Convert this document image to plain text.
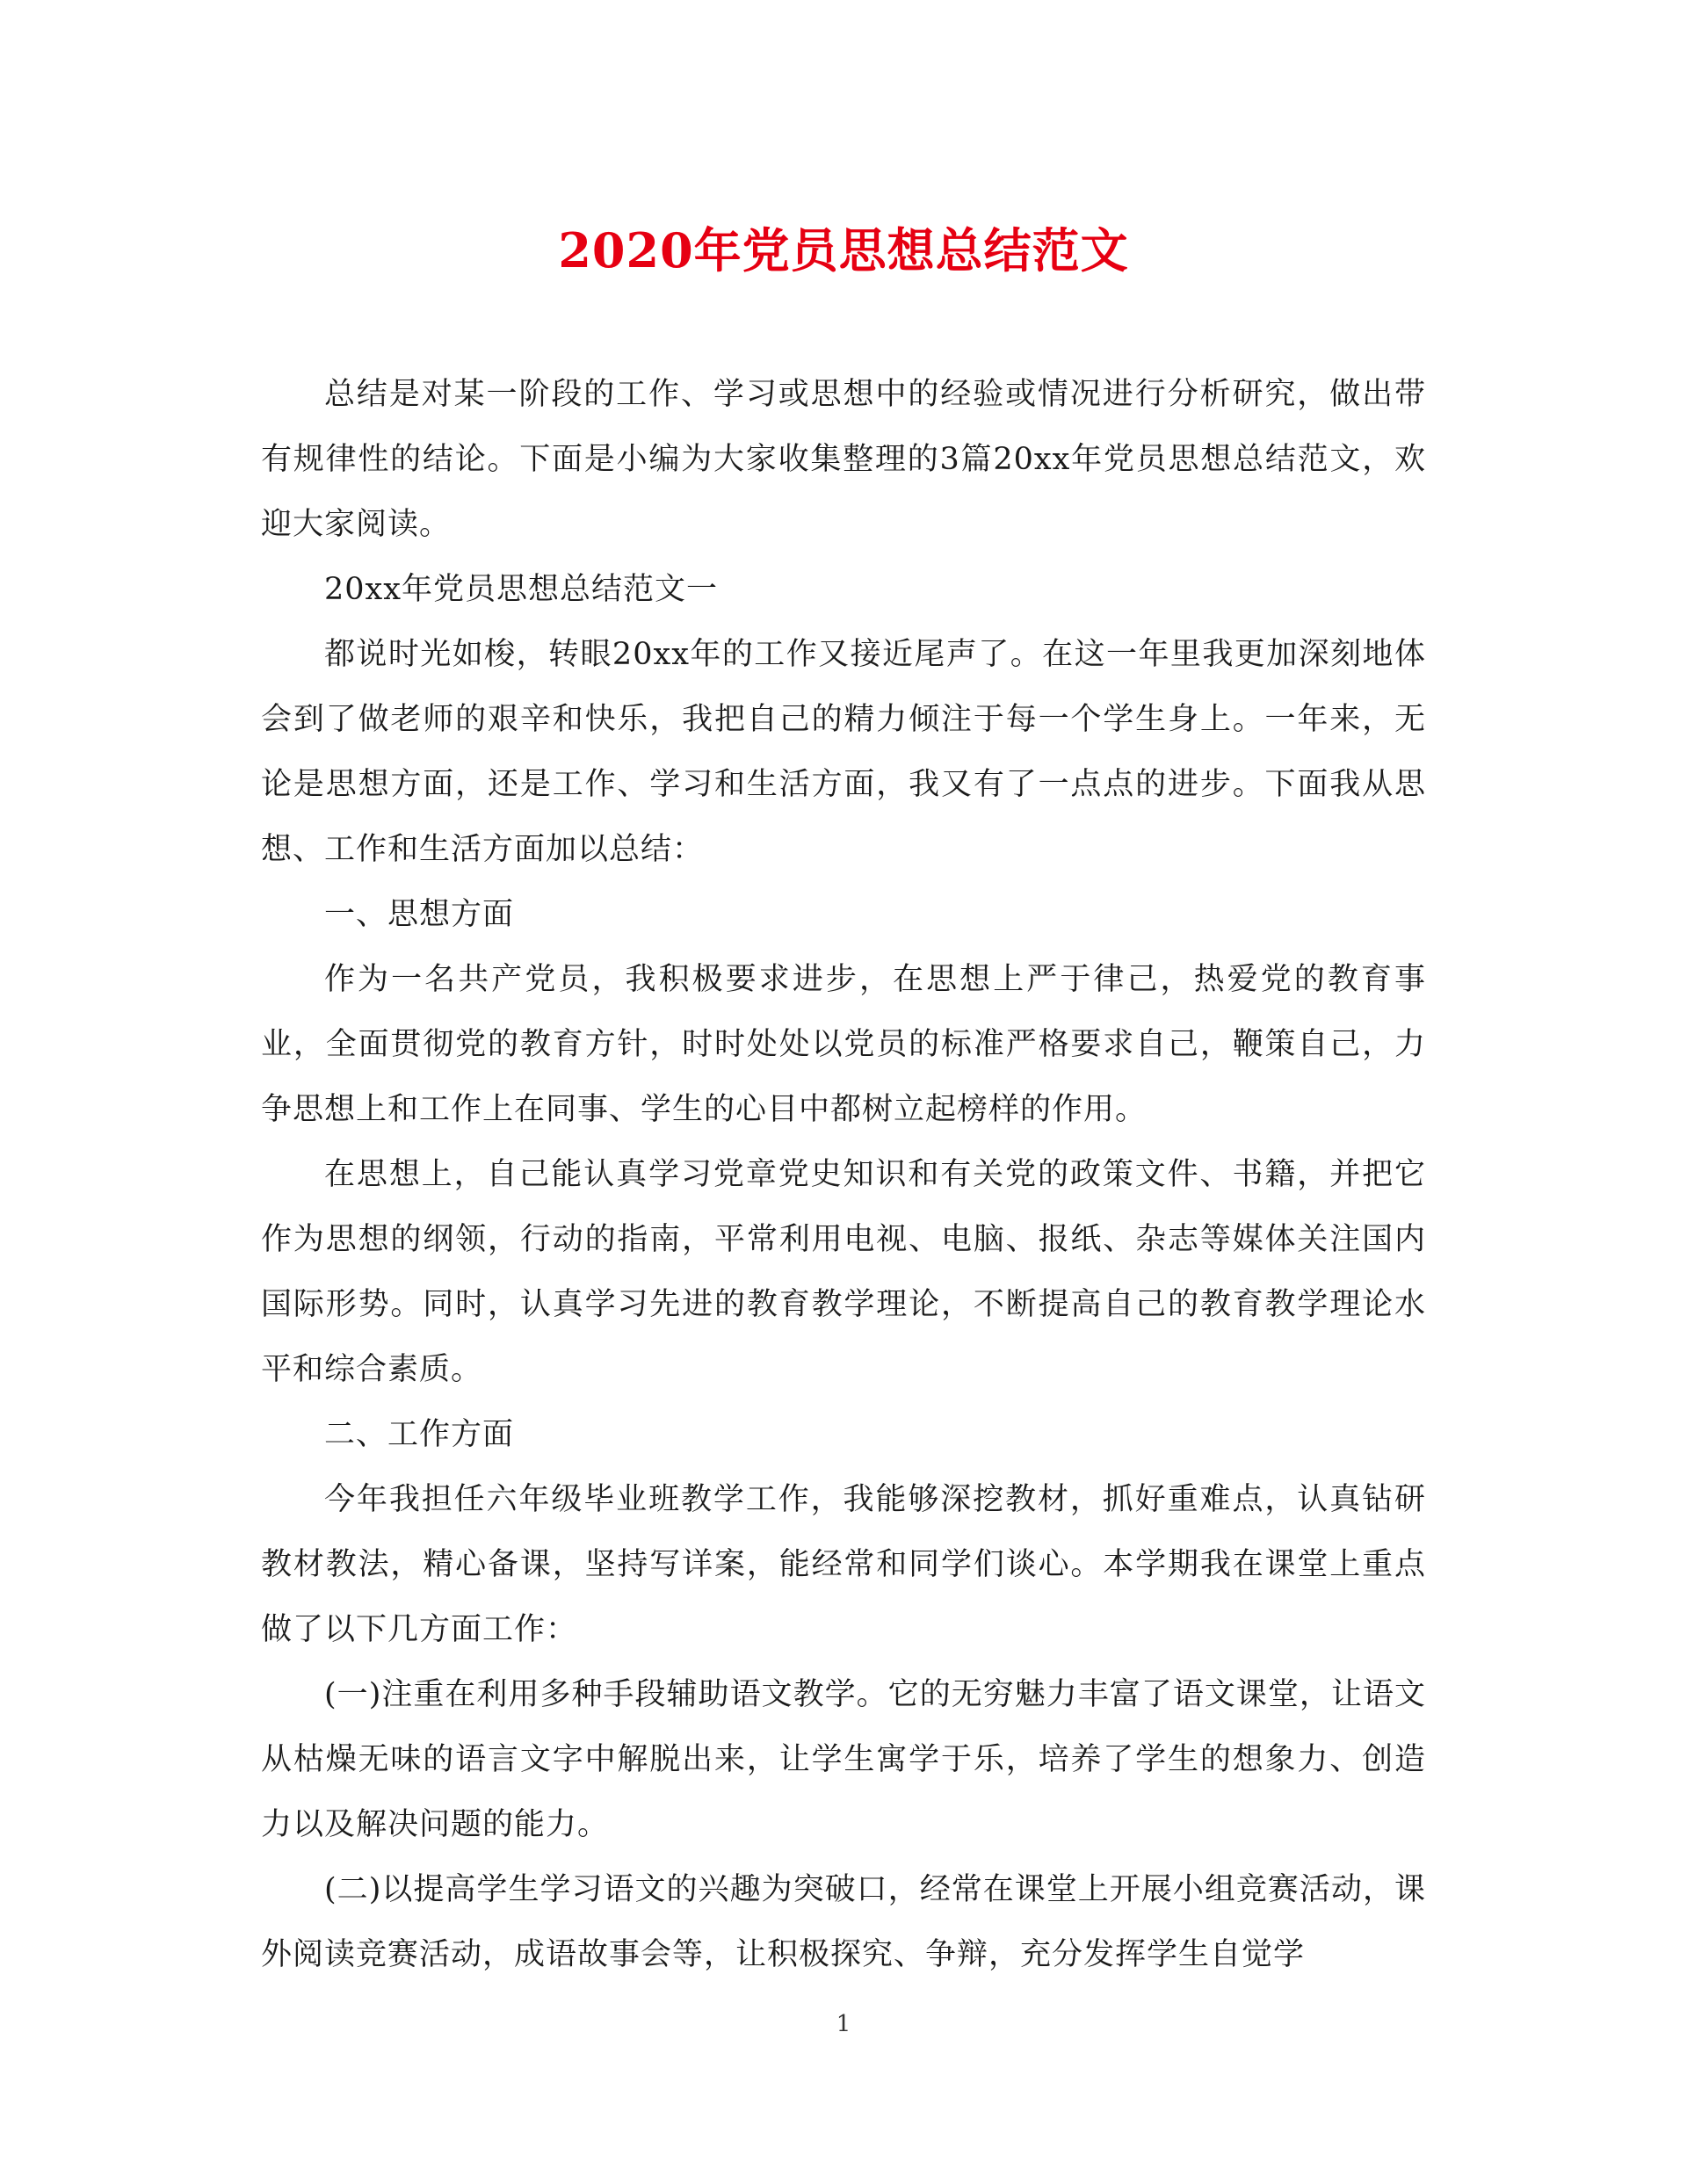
2020年党员思想总结范文

总结是对某一阶段的工作、学习或思想中的经验或情况进行分析研究，做出带有规律性的结论。下面是小编为大家收集整理的3篇20xx年党员思想总结范文，欢迎大家阅读。

20xx年党员思想总结范文一

都说时光如梭，转眼20xx年的工作又接近尾声了。在这一年里我更加深刻地体会到了做老师的艰辛和快乐，我把自己的精力倾注于每一个学生身上。一年来，无论是思想方面，还是工作、学习和生活方面，我又有了一点点的进步。下面我从思想、工作和生活方面加以总结：

一、思想方面

作为一名共产党员，我积极要求进步，在思想上严于律己，热爱党的教育事业，全面贯彻党的教育方针，时时处处以党员的标准严格要求自己，鞭策自己，力争思想上和工作上在同事、学生的心目中都树立起榜样的作用。

在思想上，自己能认真学习党章党史知识和有关党的政策文件、书籍，并把它作为思想的纲领，行动的指南，平常利用电视、电脑、报纸、杂志等媒体关注国内国际形势。同时，认真学习先进的教育教学理论，不断提高自己的教育教学理论水平和综合素质。

二、工作方面

今年我担任六年级毕业班教学工作，我能够深挖教材，抓好重难点，认真钻研教材教法，精心备课，坚持写详案，能经常和同学们谈心。本学期我在课堂上重点做了以下几方面工作：

(一)注重在利用多种手段辅助语文教学。它的无穷魅力丰富了语文课堂，让语文从枯燥无味的语言文字中解脱出来，让学生寓学于乐，培养了学生的想象力、创造力以及解决问题的能力。

(二)以提高学生学习语文的兴趣为突破口，经常在课堂上开展小组竞赛活动，课外阅读竞赛活动，成语故事会等，让积极探究、争辩，充分发挥学生自觉学

1
